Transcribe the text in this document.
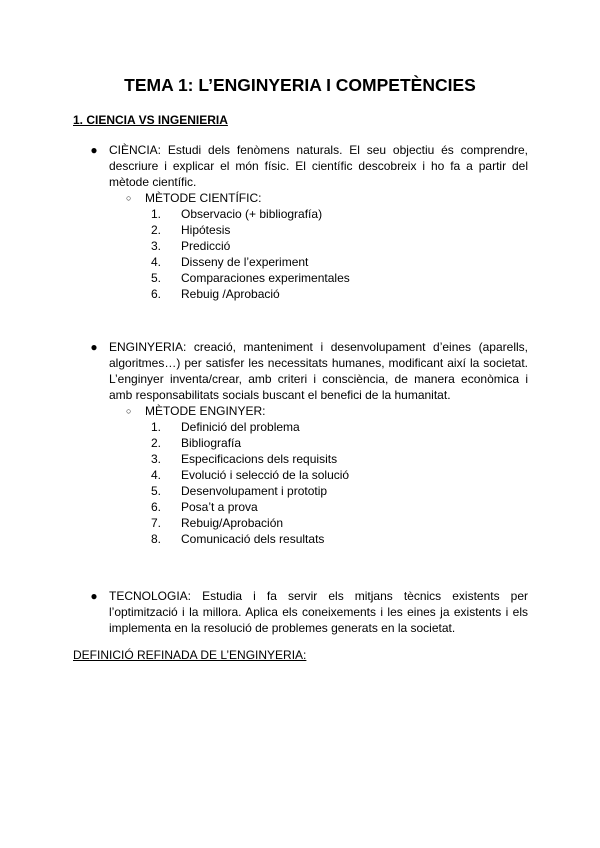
TEMA 1: L’ENGINYERIA I COMPETÈNCIES
1. CIENCIA VS INGENIERIA
● CIÈNCIA: Estudi dels fenòmens naturals. El seu objectiu és comprendre, descriure i explicar el món físic. El científic descobreix i ho fa a partir del mètode científic.
○ MÈTODE CIENTÍFIC:
1.	Observacio (+ bibliografía)
2.	Hipótesis
3.	Predicció
4.	Disseny de l’experiment
5.	Comparaciones experimentales
6.	Rebuig /Aprobació
● ENGINYERIA: creació, manteniment i desenvolupament d’eines (aparells, algoritmes…) per satisfer les necessitats humanes, modificant així la societat. L’enginyer inventa/crear, amb criteri i consciència, de manera econòmica i amb responsabilitats socials buscant el benefici de la humanitat.
○ MÈTODE ENGINYER:
1.	Definició del problema
2.	Bibliografía
3.	Especificacions dels requisits
4.	Evolució i selecció de la solució
5.	Desenvolupament i prototip
6.	Posa’t a prova
7.	Rebuig/Aprobación
8.	Comunicació dels resultats
● TECNOLOGIA: Estudia i fa servir els mitjans tècnics existents per l’optimització i la millora. Aplica els coneixements i les eines ja existents i els implementa en la resolució de problemes generats en la societat.
DEFINICIÓ REFINADA DE L’ENGINYERIA:
